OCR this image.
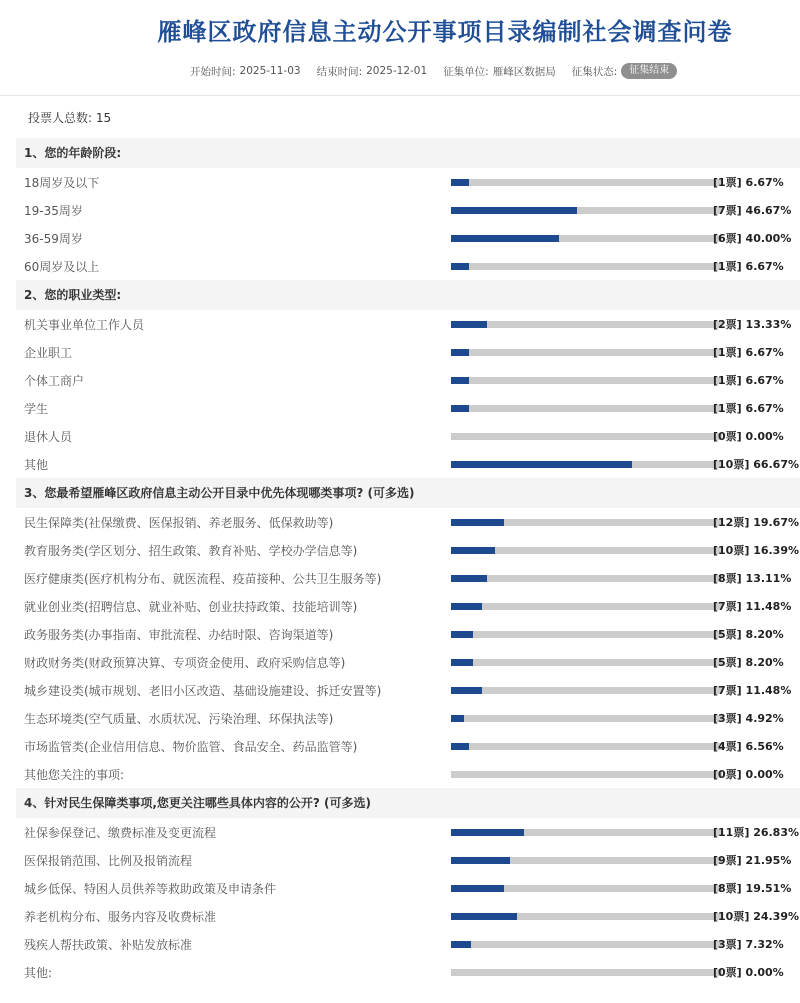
雁峰区政府信息主动公开事项目录编制社会调查问卷
开始时间: 2025-11-03 结束时间: 2025-12-01 征集单位: 雁峰区数据局 征集状态:	征集结束
投票人总数: 15
1、您的年龄阶段:
18周岁及以下	[1票] 6.67%
19-35周岁	[7票] 46.67%
36-59周岁	[6票] 40.00%
60周岁及以上	[1票] 6.67%
2、您的职业类型:
机关事业单位工作人员	[2票] 13.33%
企业职工	[1票] 6.67%
个体工商户	[1票] 6.67%
学生	[1票] 6.67%
退休人员	[0票] 0.00%
其他	[10票] 66.67%
3、您最希望雁峰区政府信息主动公开目录中优先体现哪类事项? (可多选)
民生保障类(社保缴费、医保报销、养老服务、低保救助等)	[12票] 19.67%
教育服务类(学区划分、招生政策、教育补贴、学校办学信息等)	[10票] 16.39%
医疗健康类(医疗机构分布、就医流程、疫苗接种、公共卫生服务等)	[8票] 13.11%
就业创业类(招聘信息、就业补贴、创业扶持政策、技能培训等)	[7票] 11.48%
政务服务类(办事指南、审批流程、办结时限、咨询渠道等)	[5票] 8.20%
财政财务类(财政预算决算、专项资金使用、政府采购信息等)	[5票] 8.20%
城乡建设类(城市规划、老旧小区改造、基础设施建设、拆迁安置等)	[7票] 11.48%
生态环境类(空气质量、水质状况、污染治理、环保执法等)	[3票] 4.92%
市场监管类(企业信用信息、物价监管、食品安全、药品监管等)	[4票] 6.56%
其他您关注的事项:	[0票] 0.00%
4、针对民生保障类事项,您更关注哪些具体内容的公开? (可多选)
社保参保登记、缴费标准及变更流程	[11票] 26.83%
医保报销范围、比例及报销流程	[9票] 21.95%
城乡低保、特困人员供养等救助政策及申请条件	[8票] 19.51%
养老机构分布、服务内容及收费标准	[10票] 24.39%
残疾人帮扶政策、补贴发放标准	[3票] 7.32%
其他:	[0票] 0.00%
